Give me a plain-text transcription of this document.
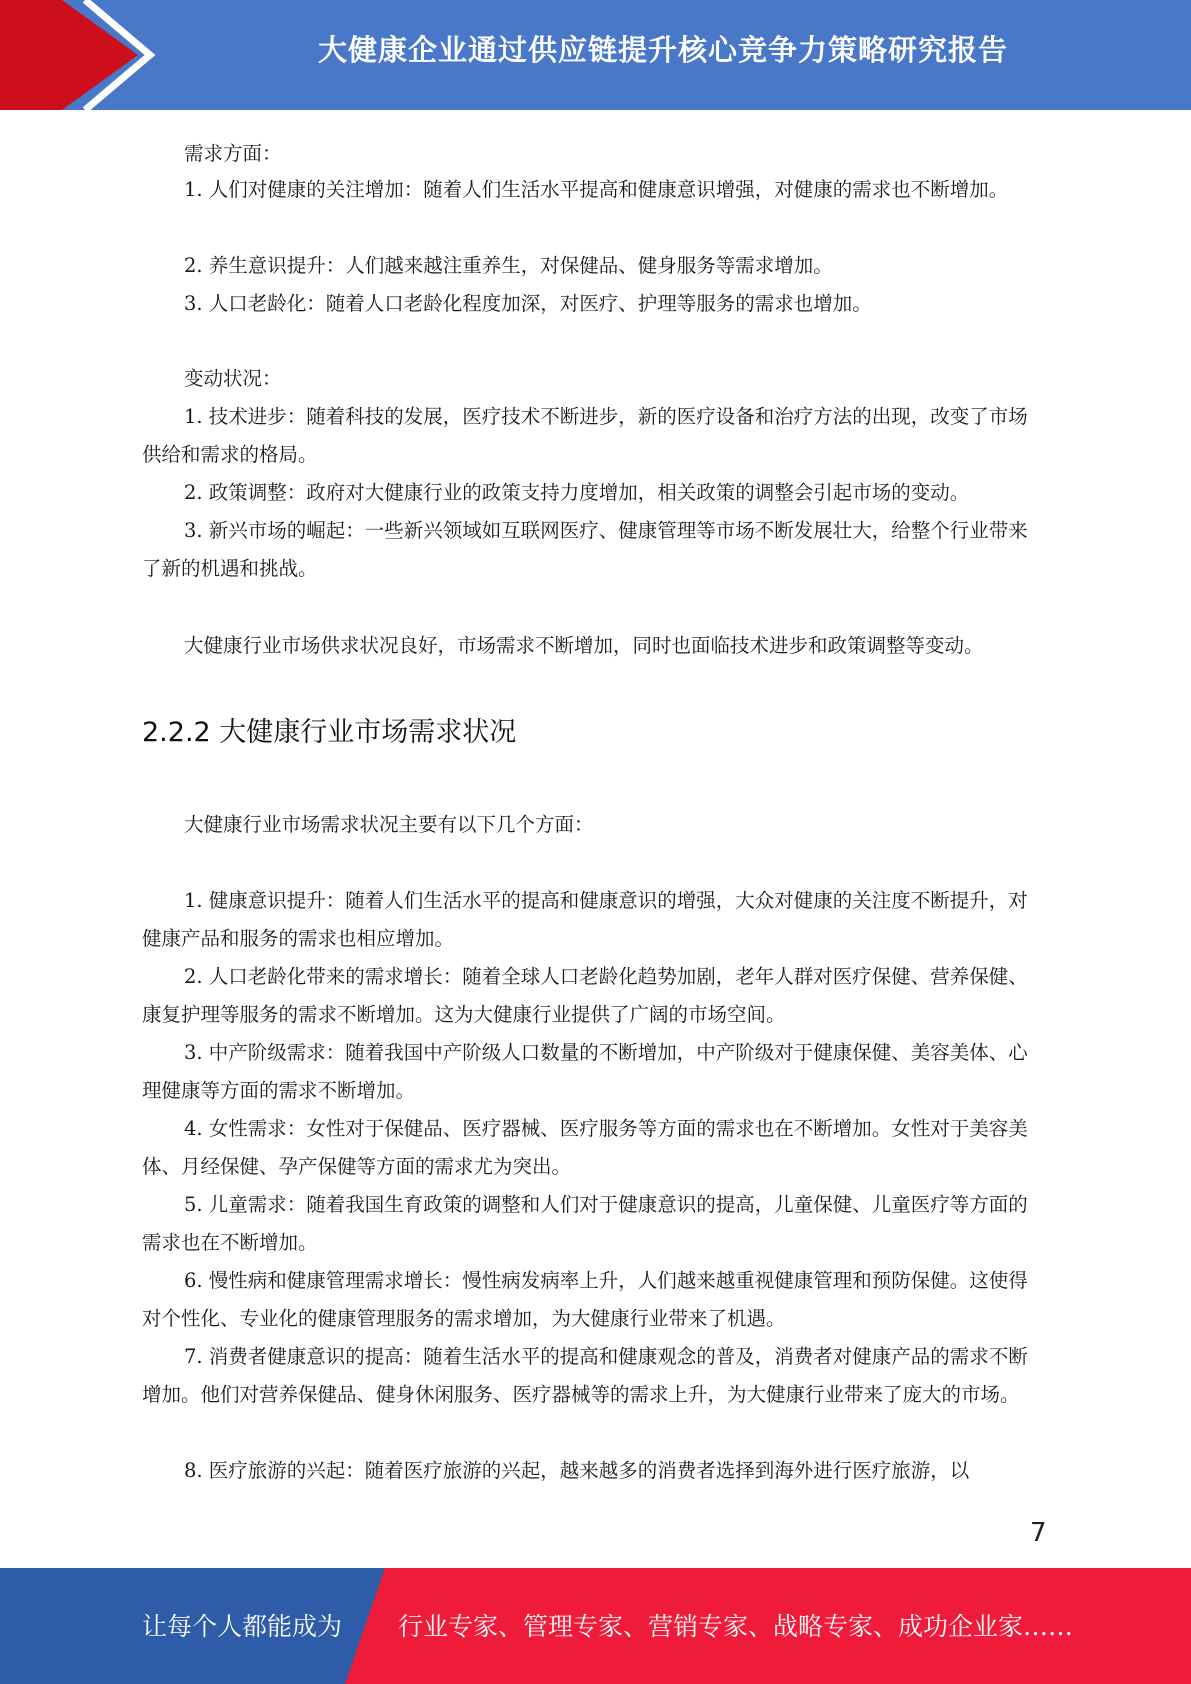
大健康企业通过供应链提升核心竞争力策略研究报告
需求方面：
1. 人们对健康的关注增加：随着人们生活水平提高和健康意识增强，对健康的需求也不断增加。
2. 养生意识提升：人们越来越注重养生，对保健品、健身服务等需求增加。
3. 人口老龄化：随着人口老龄化程度加深，对医疗、护理等服务的需求也增加。
变动状况：
1. 技术进步：随着科技的发展，医疗技术不断进步，新的医疗设备和治疗方法的出现，改变了市场供给和需求的格局。
2. 政策调整：政府对大健康行业的政策支持力度增加，相关政策的调整会引起市场的变动。
3. 新兴市场的崛起：一些新兴领域如互联网医疗、健康管理等市场不断发展壮大，给整个行业带来了新的机遇和挑战。
大健康行业市场供求状况良好，市场需求不断增加，同时也面临技术进步和政策调整等变动。
2.2.2 大健康行业市场需求状况
大健康行业市场需求状况主要有以下几个方面：
1. 健康意识提升：随着人们生活水平的提高和健康意识的增强，大众对健康的关注度不断提升，对健康产品和服务的需求也相应增加。
2. 人口老龄化带来的需求增长：随着全球人口老龄化趋势加剧，老年人群对医疗保健、营养保健、康复护理等服务的需求不断增加。这为大健康行业提供了广阔的市场空间。
3. 中产阶级需求：随着我国中产阶级人口数量的不断增加，中产阶级对于健康保健、美容美体、心理健康等方面的需求不断增加。
4. 女性需求：女性对于保健品、医疗器械、医疗服务等方面的需求也在不断增加。女性对于美容美体、月经保健、孕产保健等方面的需求尤为突出。
5. 儿童需求：随着我国生育政策的调整和人们对于健康意识的提高，儿童保健、儿童医疗等方面的需求也在不断增加。
6. 慢性病和健康管理需求增长：慢性病发病率上升，人们越来越重视健康管理和预防保健。这使得对个性化、专业化的健康管理服务的需求增加，为大健康行业带来了机遇。
7. 消费者健康意识的提高：随着生活水平的提高和健康观念的普及，消费者对健康产品的需求不断增加。他们对营养保健品、健身休闲服务、医疗器械等的需求上升，为大健康行业带来了庞大的市场。
8. 医疗旅游的兴起：随着医疗旅游的兴起，越来越多的消费者选择到海外进行医疗旅游，以
7
让每个人都能成为 行业专家、管理专家、营销专家、战略专家、成功企业家……
